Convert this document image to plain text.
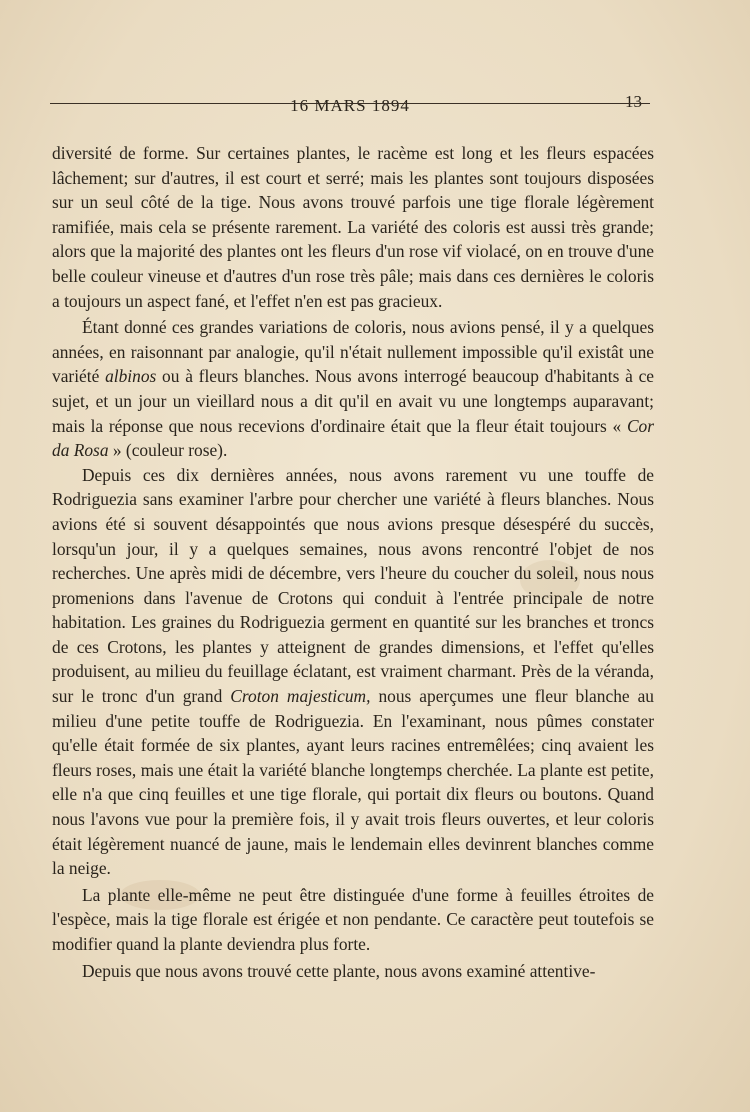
16 MARS 1894	13

diversité de forme. Sur certaines plantes, le racème est long et les fleurs espacées lâchement; sur d'autres, il est court et serré; mais les plantes sont toujours disposées sur un seul côté de la tige. Nous avons trouvé parfois une tige florale légèrement ramifiée, mais cela se présente rarement. La variété des coloris est aussi très grande; alors que la majorité des plantes ont les fleurs d'un rose vif violacé, on en trouve d'une belle couleur vineuse et d'autres d'un rose très pâle; mais dans ces dernières le coloris a toujours un aspect fané, et l'effet n'en est pas gracieux.

Étant donné ces grandes variations de coloris, nous avions pensé, il y a quelques années, en raisonnant par analogie, qu'il n'était nullement impossible qu'il existât une variété albinos ou à fleurs blanches. Nous avons interrogé beaucoup d'habitants à ce sujet, et un jour un vieillard nous a dit qu'il en avait vu une longtemps auparavant; mais la réponse que nous recevions d'ordinaire était que la fleur était toujours « Cor da Rosa » (couleur rose).

Depuis ces dix dernières années, nous avons rarement vu une touffe de Rodriguezia sans examiner l'arbre pour chercher une variété à fleurs blanches. Nous avions été si souvent désappointés que nous avions presque désespéré du succès, lorsqu'un jour, il y a quelques semaines, nous avons rencontré l'objet de nos recherches. Une après midi de décembre, vers l'heure du coucher du soleil, nous nous promenions dans l'avenue de Crotons qui conduit à l'entrée principale de notre habitation. Les graines du Rodriguezia germent en quantité sur les branches et troncs de ces Crotons, les plantes y atteignent de grandes dimensions, et l'effet qu'elles produisent, au milieu du feuillage éclatant, est vraiment charmant. Près de la véranda, sur le tronc d'un grand Croton majesticum, nous aperçumes une fleur blanche au milieu d'une petite touffe de Rodriguezia. En l'examinant, nous pûmes constater qu'elle était formée de six plantes, ayant leurs racines entremêlées; cinq avaient les fleurs roses, mais une était la variété blanche longtemps cherchée. La plante est petite, elle n'a que cinq feuilles et une tige florale, qui portait dix fleurs ou boutons. Quand nous l'avons vue pour la première fois, il y avait trois fleurs ouvertes, et leur coloris était légèrement nuancé de jaune, mais le lendemain elles devinrent blanches comme la neige.

La plante elle-même ne peut être distinguée d'une forme à feuilles étroites de l'espèce, mais la tige florale est érigée et non pendante. Ce caractère peut toutefois se modifier quand la plante deviendra plus forte.

Depuis que nous avons trouvé cette plante, nous avons examiné attentive-
